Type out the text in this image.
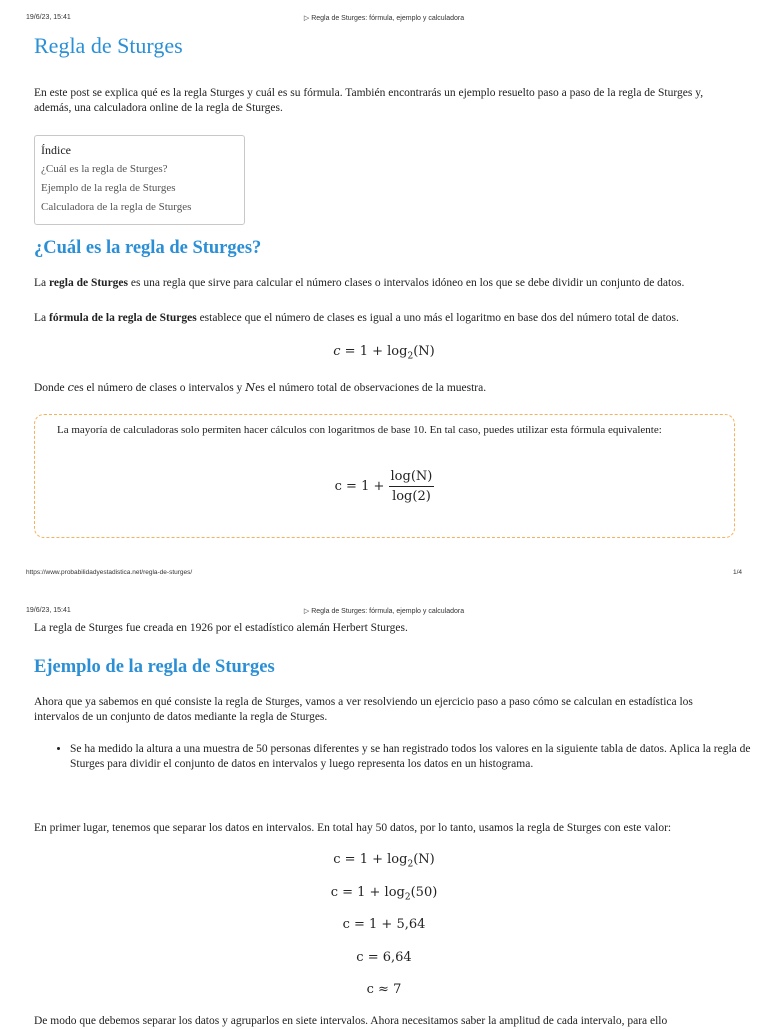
19/6/23, 15:41	▷ Regla de Sturges: fórmula, ejemplo y calculadora
Regla de Sturges
En este post se explica qué es la regla Sturges y cuál es su fórmula. También encontrarás un ejemplo resuelto paso a paso de la regla de Sturges y, además, una calculadora online de la regla de Sturges.
Índice
¿Cuál es la regla de Sturges?
Ejemplo de la regla de Sturges
Calculadora de la regla de Sturges
¿Cuál es la regla de Sturges?
La regla de Sturges es una regla que sirve para calcular el número clases o intervalos idóneo en los que se debe dividir un conjunto de datos.
La fórmula de la regla de Sturges establece que el número de clases es igual a uno más el logaritmo en base dos del número total de datos.
$c = 1 + \log_2(N)$
Donde ces el número de clases o intervalos y Nes el número total de observaciones de la muestra.
La mayoría de calculadoras solo permiten hacer cálculos con logaritmos de base 10. En tal caso, puedes utilizar esta fórmula equivalente:
$c = 1 + \frac{\log(N)}{\log(2)}$
https://www.probabilidadyestadistica.net/regla-de-sturges/	1/4
19/6/23, 15:41	▷ Regla de Sturges: fórmula, ejemplo y calculadora
La regla de Sturges fue creada en 1926 por el estadístico alemán Herbert Sturges.
Ejemplo de la regla de Sturges
Ahora que ya sabemos en qué consiste la regla de Sturges, vamos a ver resolviendo un ejercicio paso a paso cómo se calculan en estadística los intervalos de un conjunto de datos mediante la regla de Sturges.
• Se ha medido la altura a una muestra de 50 personas diferentes y se han registrado todos los valores en la siguiente tabla de datos. Aplica la regla de Sturges para dividir el conjunto de datos en intervalos y luego representa los datos en un histograma.
En primer lugar, tenemos que separar los datos en intervalos. En total hay 50 datos, por lo tanto, usamos la regla de Sturges con este valor:
$c = 1 + \log_2(N)$
$c = 1 + \log_2(50)$
c = 1 + 5,64
c = 6,64
c ≈ 7
De modo que debemos separar los datos y agruparlos en siete intervalos. Ahora necesitamos saber la amplitud de cada intervalo, para ello
